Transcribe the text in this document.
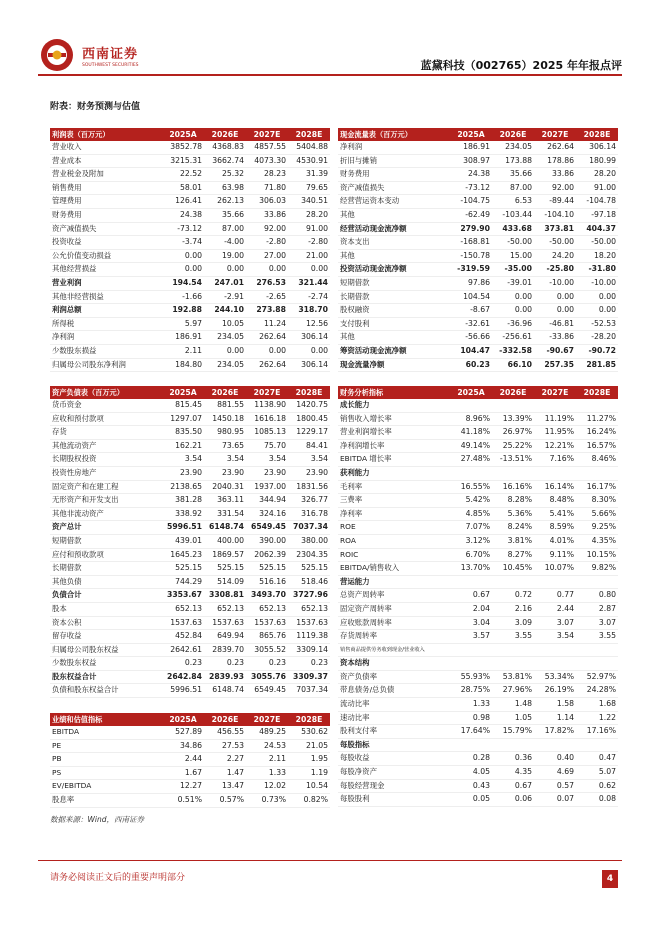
西南证券
SOUTHWEST SECURITIES	蓝黛科技（002765）2025 年年报点评
附表：财务预测与估值
利润表（百万元）	2025A	2026E	2027E	2028E
营业收入	3852.78	4368.83	4857.55	5404.88
营业成本	3215.31	3662.74	4073.30	4530.91
营业税金及附加	22.52	25.32	28.23	31.39
销售费用	58.01	63.98	71.80	79.65
管理费用	126.41	262.13	306.03	340.51
财务费用	24.38	35.66	33.86	28.20
资产减值损失	-73.12	87.00	92.00	91.00
投资收益	-3.74	-4.00	-2.80	-2.80
公允价值变动损益	0.00	19.00	27.00	21.00
其他经营损益	0.00	0.00	0.00	0.00
营业利润	194.54	247.01	276.53	321.44
其他非经营损益	-1.66	-2.91	-2.65	-2.74
利润总额	192.88	244.10	273.88	318.70
所得税	5.97	10.05	11.24	12.56
净利润	186.91	234.05	262.64	306.14
少数股东损益	2.11	0.00	0.00	0.00
归属母公司股东净利润	184.80	234.05	262.64	306.14
现金流量表（百万元）	2025A	2026E	2027E	2028E
净利润	186.91	234.05	262.64	306.14
折旧与摊销	308.97	173.88	178.86	180.99
财务费用	24.38	35.66	33.86	28.20
资产减值损失	-73.12	87.00	92.00	91.00
经营营运资本变动	-104.75	6.53	-89.44	-104.78
其他	-62.49	-103.44	-104.10	-97.18
经营活动现金流净额	279.90	433.68	373.81	404.37
资本支出	-168.81	-50.00	-50.00	-50.00
其他	-150.78	15.00	24.20	18.20
投资活动现金流净额	-319.59	-35.00	-25.80	-31.80
短期借款	97.86	-39.01	-10.00	-10.00
长期借款	104.54	0.00	0.00	0.00
股权融资	-8.67	0.00	0.00	0.00
支付股利	-32.61	-36.96	-46.81	-52.53
其他	-56.66	-256.61	-33.86	-28.20
筹资活动现金流净额	104.47	-332.58	-90.67	-90.72
现金流量净额	60.23	66.10	257.35	281.85
资产负债表（百万元）	2025A	2026E	2027E	2028E
货币资金	815.45	881.55	1138.90	1420.75
应收和预付款项	1297.07	1450.18	1616.18	1800.45
存货	835.50	980.95	1085.13	1229.17
其他流动资产	162.21	73.65	75.70	84.41
长期股权投资	3.54	3.54	3.54	3.54
投资性房地产	23.90	23.90	23.90	23.90
固定资产和在建工程	2138.65	2040.31	1937.00	1831.56
无形资产和开发支出	381.28	363.11	344.94	326.77
其他非流动资产	338.92	331.54	324.16	316.78
资产总计	5996.51	6148.74	6549.45	7037.34
短期借款	439.01	400.00	390.00	380.00
应付和预收款项	1645.23	1869.57	2062.39	2304.35
长期借款	525.15	525.15	525.15	525.15
其他负债	744.29	514.09	516.16	518.46
负债合计	3353.67	3308.81	3493.70	3727.96
股本	652.13	652.13	652.13	652.13
资本公积	1537.63	1537.63	1537.63	1537.63
留存收益	452.84	649.94	865.76	1119.38
归属母公司股东权益	2642.61	2839.70	3055.52	3309.14
少数股东权益	0.23	0.23	0.23	0.23
股东权益合计	2642.84	2839.93	3055.76	3309.37
负债和股东权益合计	5996.51	6148.74	6549.45	7037.34
财务分析指标	2025A	2026E	2027E	2028E
成长能力				
销售收入增长率	8.96%	13.39%	11.19%	11.27%
营业利润增长率	41.18%	26.97%	11.95%	16.24%
净利润增长率	49.14%	25.22%	12.21%	16.57%
EBITDA 增长率	27.48%	-13.51%	7.16%	8.46%
获利能力				
毛利率	16.55%	16.16%	16.14%	16.17%
三费率	5.42%	8.28%	8.48%	8.30%
净利率	4.85%	5.36%	5.41%	5.66%
ROE	7.07%	8.24%	8.59%	9.25%
ROA	3.12%	3.81%	4.01%	4.35%
ROIC	6.70%	8.27%	9.11%	10.15%
EBITDA/销售收入	13.70%	10.45%	10.07%	9.82%
营运能力				
总资产周转率	0.67	0.72	0.77	0.80
固定资产周转率	2.04	2.16	2.44	2.87
应收账款周转率	3.04	3.09	3.07	3.07
存货周转率	3.57	3.55	3.54	3.55
销售商品提供劳务收到现金/营业收入				
资本结构				
资产负债率	55.93%	53.81%	53.34%	52.97%
带息债务/总负债	28.75%	27.96%	26.19%	24.28%
流动比率	1.33	1.48	1.58	1.68
速动比率	0.98	1.05	1.14	1.22
股利支付率	17.64%	15.79%	17.82%	17.16%
每股指标				
每股收益	0.28	0.36	0.40	0.47
每股净资产	4.05	4.35	4.69	5.07
每股经营现金	0.43	0.67	0.57	0.62
每股股利	0.05	0.06	0.07	0.08
业绩和估值指标	2025A	2026E	2027E	2028E
EBITDA	527.89	456.55	489.25	530.62
PE	34.86	27.53	24.53	21.05
PB	2.44	2.27	2.11	1.95
PS	1.67	1.47	1.33	1.19
EV/EBITDA	12.27	13.47	12.02	10.54
股息率	0.51%	0.57%	0.73%	0.82%
数据来源：Wind，西南证券
请务必阅读正文后的重要声明部分	4
